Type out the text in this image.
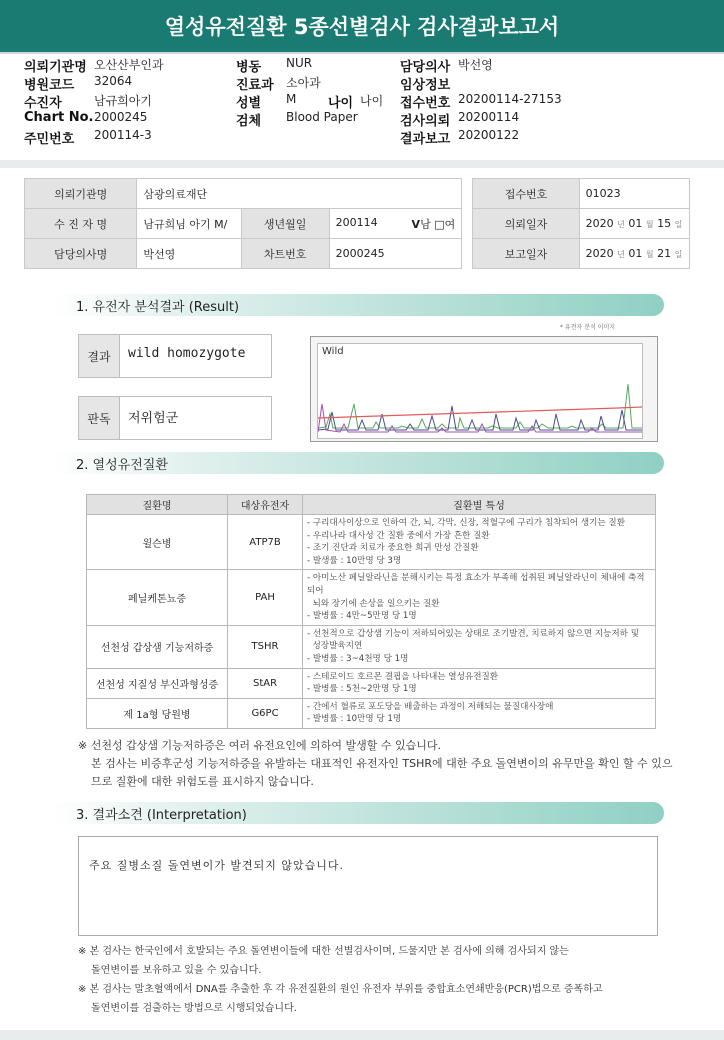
열성유전질환 5종선별검사 검사결과보고서
의뢰기관명 오산산부인과
병원코드	32064
수진자	남규희아기
Chart No. 2000245
주민번호	200114-3
병동	NUR
진료과	소아과
성별	M	나이 나이
검체	Blood Paper
담당의사 박선영
임상정보
접수번호 20200114-27153
검사의뢰 20200114
결과보고 20200122
의뢰기관명	삼광의료재단				접수번호	01023
수 진 자 명	남규희님 아기 M/	생년월일	200114 V남 □여		의뢰일자	2020 년 01 월 15 일
담당의사명	박선영	차트번호	2000245		보고일자	2020 년 01 월 21 일
1. 유전자 분석결과 (Result)
* 유전자 분석 이미지
결과	wild homozygote
판독	저위험군
Wild
2. 열성유전질환
질환명	대상유전자	질환별 특성
윌슨병	ATP7B	- 구리대사이상으로 인하여 간, 뇌, 각막, 신장, 적혈구에 구리가 침착되어 생기는 질환
- 우리나라 대사성 간 질환 중에서 가장 흔한 질환
- 조기 진단과 치료가 중요한 희귀 만성 간질환
- 발생률 : 10만명 당 3명

페닐케톤뇨증	PAH	- 아미노산 페닐알라닌을 분해시키는 특정 효소가 부족해 섭취된 페닐알라닌이 체내에 축적되어
뇌와 장기에 손상을 일으키는 질환
- 발병률 : 4만~5만명 당 1명

선천성 갑상샘 기능저하증	TSHR	- 선천적으로 갑상샘 기능이 저하되어있는 상태로 조기발견, 치료하지 않으면 지능저하 및
성장발육지연
- 발병률 : 3~4천명 당 1명

선천성 지질성 부신과형성증	StAR	- 스테로이드 호르몬 결핍을 나타내는 열성유전질환
- 발병률 : 5천~2만명 당 1명

제 1a형 당원병	G6PC	- 간에서 혈류로 포도당을 배출하는 과정이 저해되는 물질대사장애
- 발병률 : 10만명 당 1명
※ 선천성 갑상샘 기능저하증은 여러 유전요인에 의하여 발생할 수 있습니다.
본 검사는 비증후군성 기능저하증을 유발하는 대표적인 유전자인 TSHR에 대한 주요 돌연변이의 유무만을 확인 할 수 있으
므로 질환에 대한 위험도를 표시하지 않습니다.
3. 결과소견 (Interpretation)
주요 질병소질 돌연변이가 발견되지 않았습니다.
※ 본 검사는 한국인에서 호발되는 주요 돌연변이들에 대한 선별검사이며, 드물지만 본 검사에 의해 검사되지 않는
돌연변이를 보유하고 있을 수 있습니다.
※ 본 검사는 말초혈액에서 DNA를 추출한 후 각 유전질환의 원인 유전자 부위를 중합효소연쇄반응(PCR)법으로 증폭하고
돌연변이를 검출하는 방법으로 시행되었습니다.
